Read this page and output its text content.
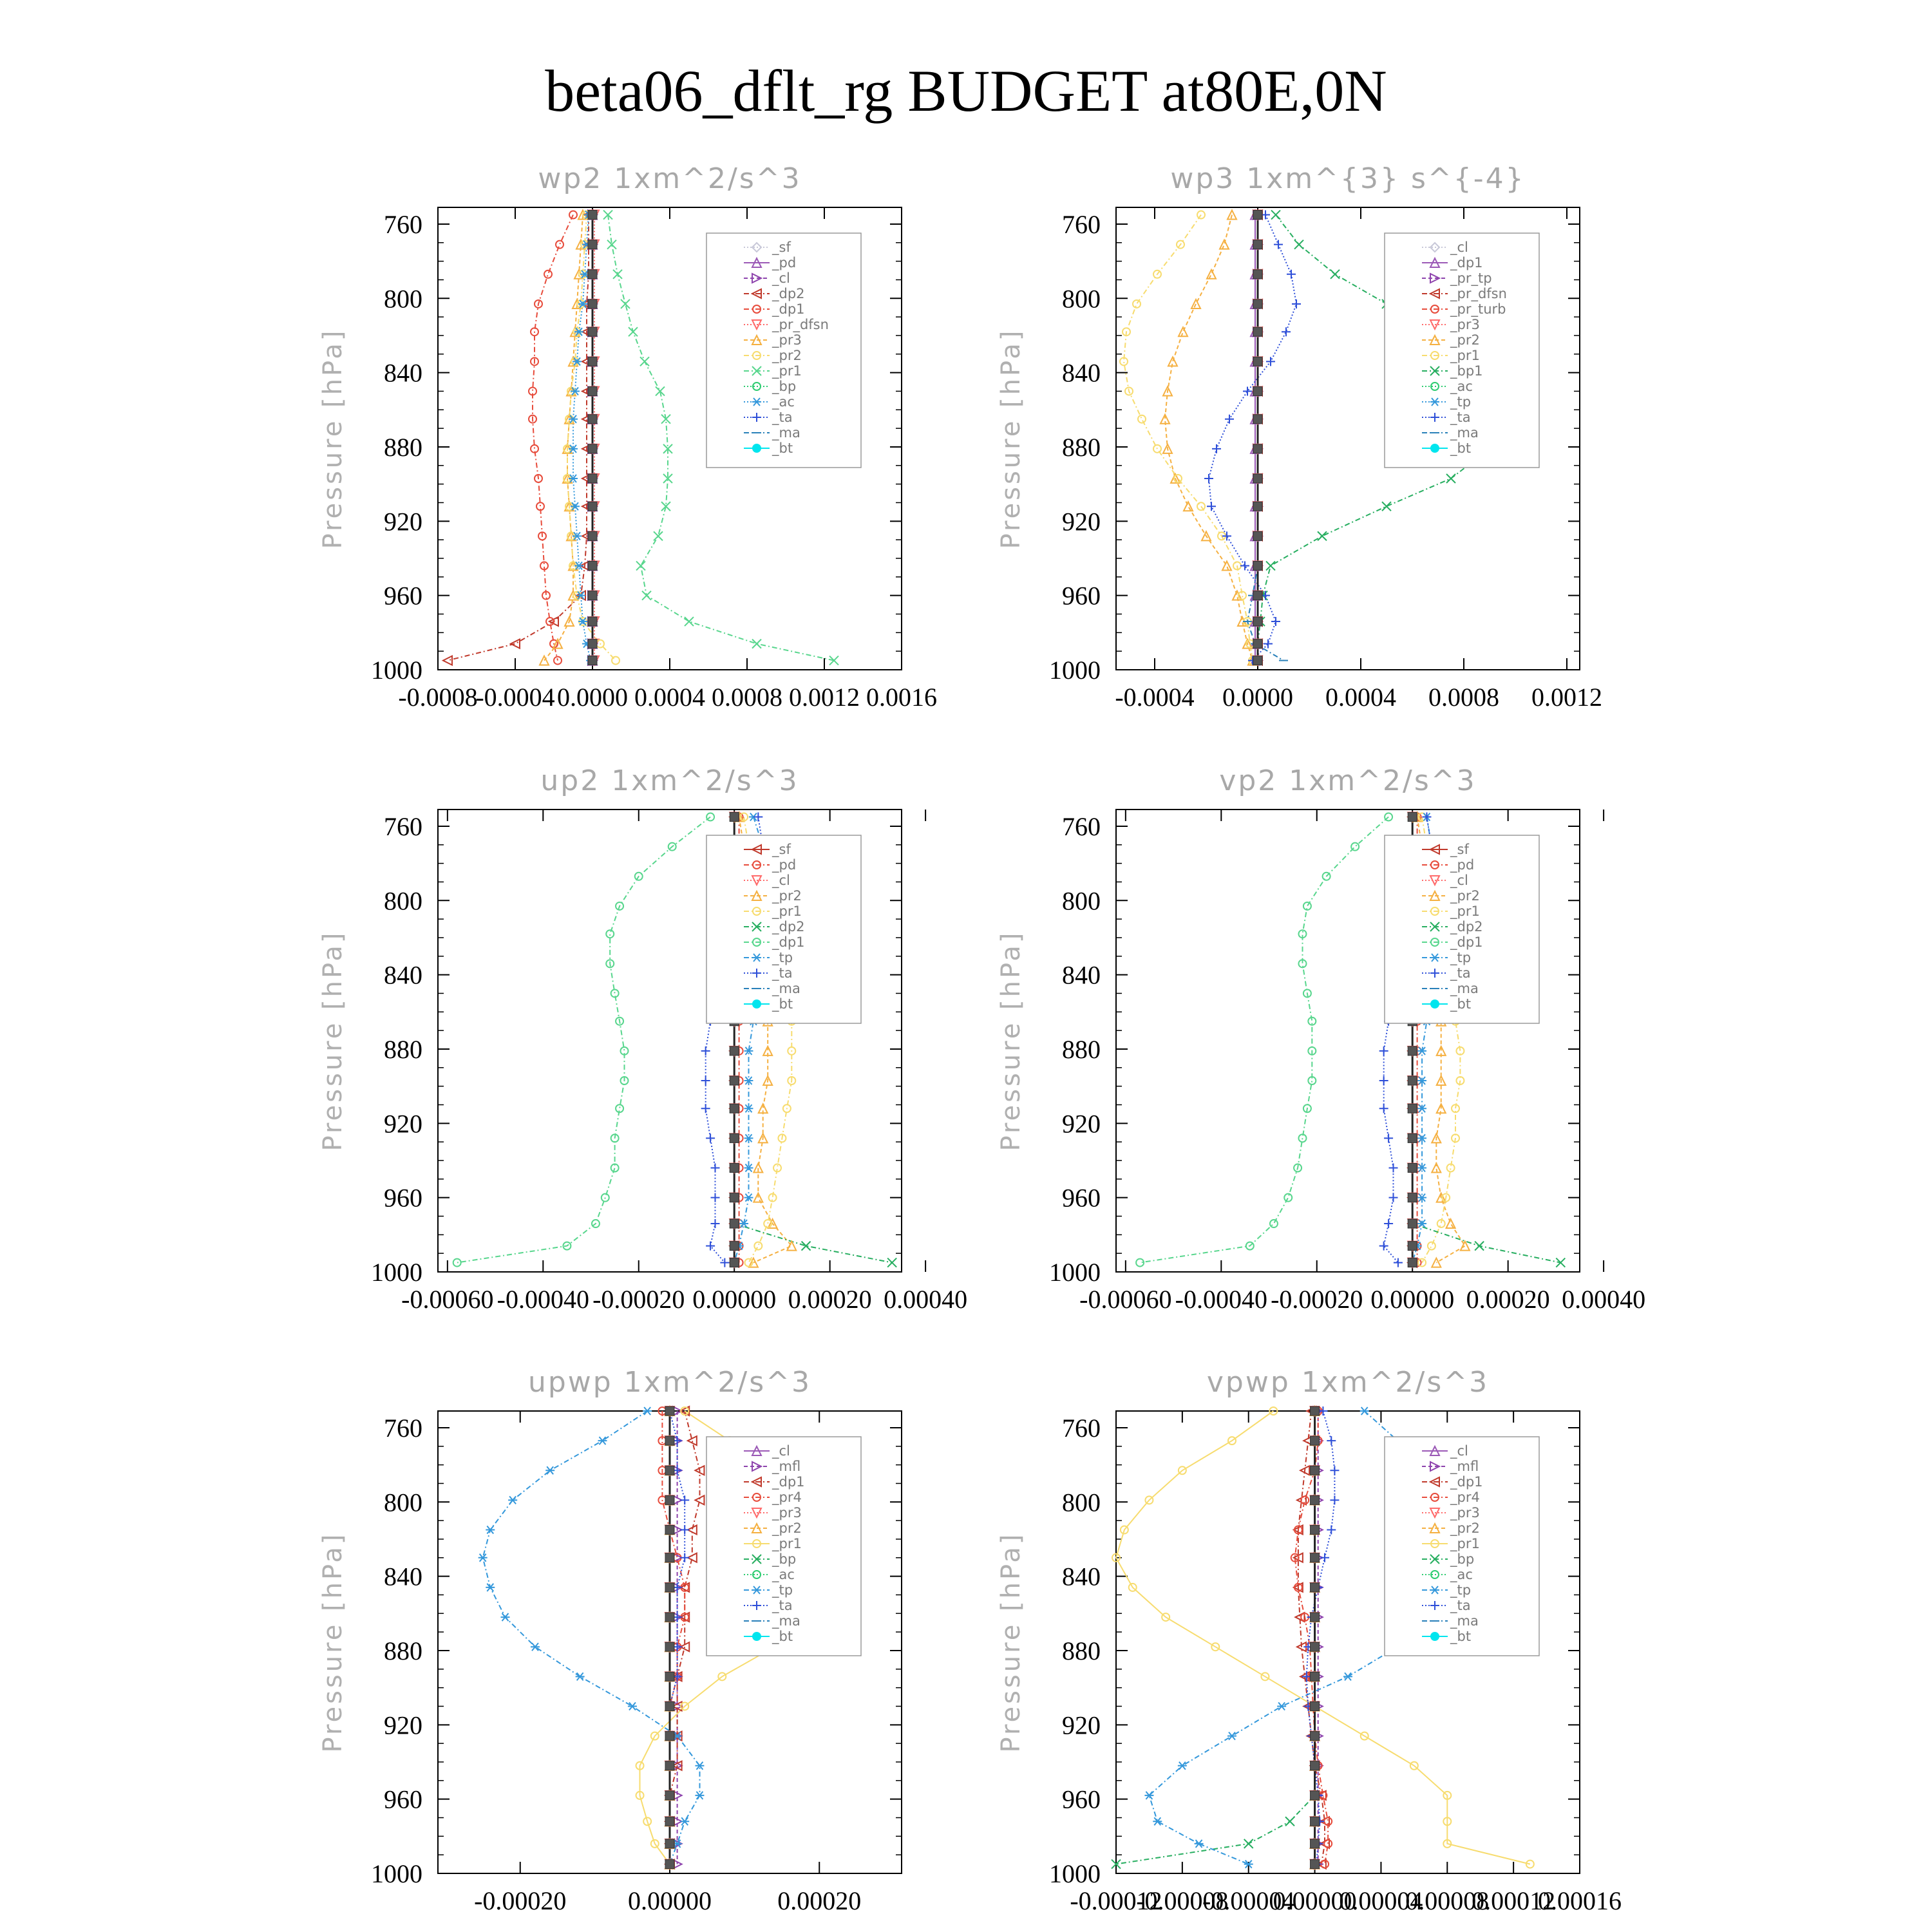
beta06_dflt_rg BUDGET at80E,0N
wp2 1xm^2/s^3
Pressure [hPa]
760
800
840
880
920
960
1000
-0.0008
-0.0004 0.0000 0.0004 0.0008 0.0012 0.0016
_sf
_pd
_cl
_dp2
_dp1
_pr_dfsn
_pr3
_pr2
_pr1
_bp
_ac
_ta
_ma
_bt
wp3 1xm^{3} s^{-4}
Pressure [hPa]
760
800
840
880
920
960
1000
-0.0004 0.0000 0.0004 0.0008 0.0012
_cl
_dp1
_pr_tp
_pr_dfsn
_pr_turb
_pr3
_pr2
_pr1
_bp1
_ac
_tp
_ta
_ma
_bt
up2 1xm^2/s^3
Pressure [hPa]
760
800
840
880
920
960
1000
-0.00060 -0.00040 -0.00020 0.00000 0.00020 0.00040
_sf
_pd
_cl
_pr2
_pr1
_dp2
_dp1
_tp
_ta
_ma
_bt
vp2 1xm^2/s^3
Pressure [hPa]
760
800
840
880
920
960
1000
-0.00060 -0.00040 -0.00020 0.00000 0.00020 0.00040
_sf
_pd
_cl
_pr2
_pr1
_dp2
_dp1
_tp
_ta
_ma
_bt
upwp 1xm^2/s^3
Pressure [hPa]
760
800
840
880
920
960
1000
-0.00020 0.00000	0.00020
_cl
_mfl
_dp1
_pr4
_pr3
_pr2
_pr1
_bp
_ac
_tp
_ta
_ma
_bt
vpwp 1xm^2/s^3
Pressure [hPa]
760
800
840
880
920
960
1000
-0.00012
-0.00008
-0.00004
0.00000
0.00004
0.00008
0.00012
0.00016
_cl
_mfl
_dp1
_pr4
_pr3
_pr2
_pr1
_bp
_ac
_tp
_ta
_ma
_bt
